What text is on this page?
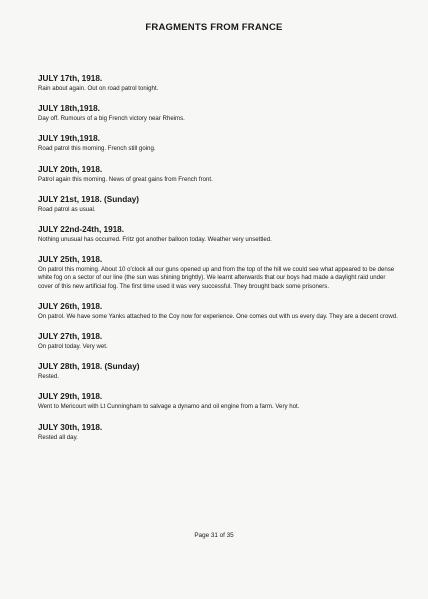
FRAGMENTS FROM FRANCE
JULY 17th, 1918.
Rain about again. Out on road patrol tonight.
JULY 18th,1918.
Day off. Rumours of a big French victory near Rheims.
JULY 19th,1918.
Road patrol this morning. French still going.
JULY 20th, 1918.
Patrol again this morning. News of great gains from French front.
JULY 21st, 1918. (Sunday)
Road patrol as usual.
JULY 22nd-24th, 1918.
Nothing unusual has occurred. Fritz got another balloon today. Weather very unsettled.
JULY 25th, 1918.
On patrol this morning. About 10 o'clock all our guns opened up and from the top of the hill we could see what appeared to be dense white fog on a sector of our line (the sun was shining brightly). We learnt afterwards that our boys had made a daylight raid under cover of this new artificial fog. The first time used it was very successful. They brought back some prisoners.
JULY 26th, 1918.
On patrol. We have some Yanks attached to the Coy now for experience. One comes out with us every day. They are a decent crowd.
JULY 27th, 1918.
On patrol today. Very wet.
JULY 28th, 1918. (Sunday)
Rested.
JULY 29th, 1918.
Went to Mericourt with Lt Cunningham to salvage a dynamo and oil engine from a farm. Very hot.
JULY 30th, 1918.
Rested all day.
Page 31 of 35
